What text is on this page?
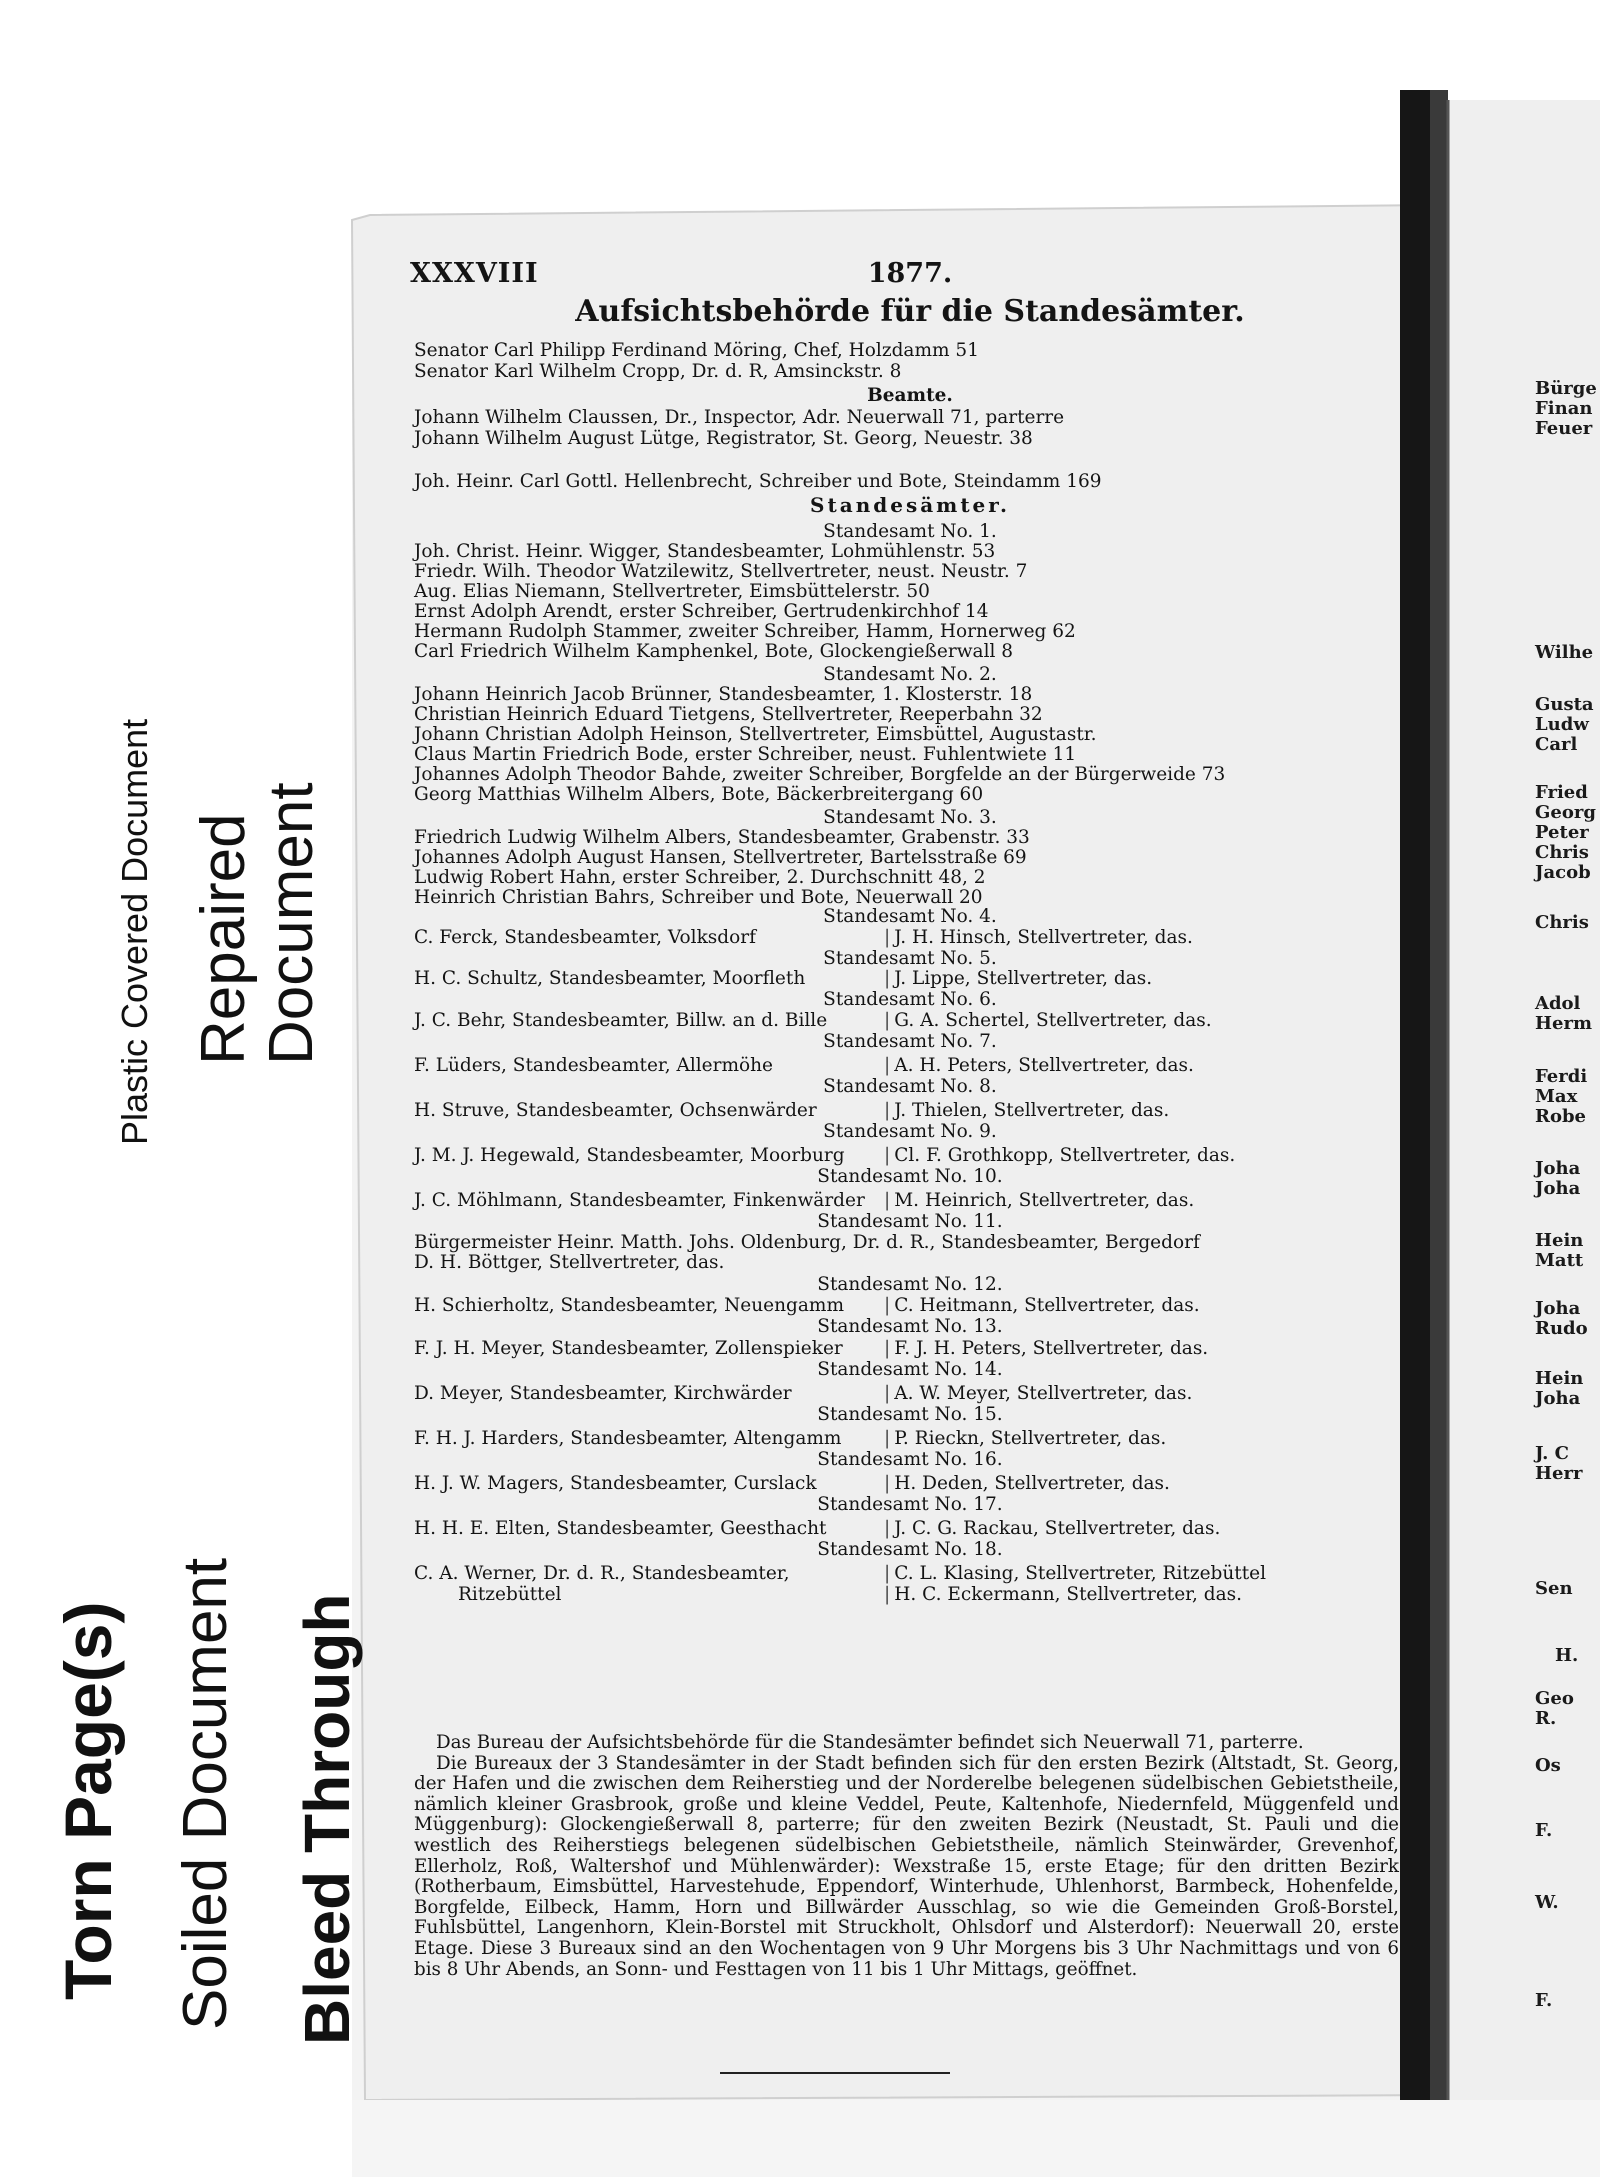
Plastic Covered Document Repaired Document
Torn Page(s) Soiled Document Bleed Through
XXXVIII	1877.
Aufsichtsbehörde für die Standesämter.
Senator Carl Philipp Ferdinand Möring, Chef, Holzdamm 51
Senator Karl Wilhelm Cropp, Dr. d. R, Amsinckstr. 8
Beamte.
Johann Wilhelm Claussen, Dr., Inspector, Adr. Neuerwall 71, parterre
Johann Wilhelm August Lütge, Registrator, St. Georg, Neuestr. 38
Joh. Heinr. Carl Gottl. Hellenbrecht, Schreiber und Bote, Steindamm 169
Standesämter.
Standesamt No. 1.
Joh. Christ. Heinr. Wigger, Standesbeamter, Lohmühlenstr. 53
Friedr. Wilh. Theodor Watzilewitz, Stellvertreter, neust. Neustr. 7
Aug. Elias Niemann, Stellvertreter, Eimsbüttelerstr. 50
Ernst Adolph Arendt, erster Schreiber, Gertrudenkirchhof 14
Hermann Rudolph Stammer, zweiter Schreiber, Hamm, Hornerweg 62
Carl Friedrich Wilhelm Kamphenkel, Bote, Glockengießerwall 8
Standesamt No. 2.
Johann Heinrich Jacob Brünner, Standesbeamter, 1. Klosterstr. 18
Christian Heinrich Eduard Tietgens, Stellvertreter, Reeperbahn 32
Johann Christian Adolph Heinson, Stellvertreter, Eimsbüttel, Augustastr.
Claus Martin Friedrich Bode, erster Schreiber, neust. Fuhlentwiete 11
Johannes Adolph Theodor Bahde, zweiter Schreiber, Borgfelde an der Bürgerweide 73
Georg Matthias Wilhelm Albers, Bote, Bäckerbreitergang 60
Standesamt No. 3.
Friedrich Ludwig Wilhelm Albers, Standesbeamter, Grabenstr. 33
Johannes Adolph August Hansen, Stellvertreter, Bartelsstraße 69
Ludwig Robert Hahn, erster Schreiber, 2. Durchschnitt 48, 2
Heinrich Christian Bahrs, Schreiber und Bote, Neuerwall 20
Standesamt No. 4.
C. Ferck, Standesbeamter, Volksdorf	| J. H. Hinsch, Stellvertreter, das.
Standesamt No. 5.
H. C. Schultz, Standesbeamter, Moorfleth	| J. Lippe, Stellvertreter, das.
Standesamt No. 6.
J. C. Behr, Standesbeamter, Billw. an d. Bille	| G. A. Schertel, Stellvertreter, das.
Standesamt No. 7.
F. Lüders, Standesbeamter, Allermöhe	| A. H. Peters, Stellvertreter, das.
Standesamt No. 8.
H. Struve, Standesbeamter, Ochsenwärder	| J. Thielen, Stellvertreter, das.
Standesamt No. 9.
J. M. J. Hegewald, Standesbeamter, Moorburg	| Cl. F. Grothkopp, Stellvertreter, das.
Standesamt No. 10.
J. C. Möhlmann, Standesbeamter, Finkenwärder	| M. Heinrich, Stellvertreter, das.
Standesamt No. 11.
Bürgermeister Heinr. Matth. Johs. Oldenburg, Dr. d. R., Standesbeamter, Bergedorf
D. H. Böttger, Stellvertreter, das.
Standesamt No. 12.
H. Schierholtz, Standesbeamter, Neuengamm	| C. Heitmann, Stellvertreter, das.
Standesamt No. 13.
F. J. H. Meyer, Standesbeamter, Zollenspieker	| F. J. H. Peters, Stellvertreter, das.
Standesamt No. 14.
D. Meyer, Standesbeamter, Kirchwärder	| A. W. Meyer, Stellvertreter, das.
Standesamt No. 15.
F. H. J. Harders, Standesbeamter, Altengamm	| P. Rieckn, Stellvertreter, das.
Standesamt No. 16.
H. J. W. Magers, Standesbeamter, Curslack	| H. Deden, Stellvertreter, das.
Standesamt No. 17.
H. H. E. Elten, Standesbeamter, Geesthacht	| J. C. G. Rackau, Stellvertreter, das.
Standesamt No. 18.
C. A. Werner, Dr. d. R., Standesbeamter,	| C. L. Klasing, Stellvertreter, Ritzebüttel
Ritzebüttel	| H. C. Eckermann, Stellvertreter, das.

Das Bureau der Aufsichtsbehörde für die Standesämter befindet sich Neuerwall 71, parterre.

Die Bureaux der 3 Standesämter in der Stadt befinden sich für den ersten Bezirk (Altstadt, St. Georg, der Hafen und die zwischen dem Reiherstieg und der Norderelbe belegenen südelbischen Gebietstheile, nämlich kleiner Grasbrook, große und kleine Veddel, Peute, Kaltenhofe, Niedernfeld, Müggenfeld und Müggenburg): Glockengießerwall 8, parterre; für den zweiten Bezirk (Neustadt, St. Pauli und die westlich des Reiherstiegs belegenen südelbischen Gebietstheile, nämlich Steinwärder, Grevenhof, Ellerholz, Roß, Waltershof und Mühlenwärder): Wexstraße 15, erste Etage; für den dritten Bezirk (Rotherbaum, Eimsbüttel, Harvestehude, Eppendorf, Winterhude, Uhlenhorst, Barmbeck, Hohenfelde, Borgfelde, Eilbeck, Hamm, Horn und Billwärder Ausschlag, so wie die Gemeinden Groß-Borstel, Fuhlsbüttel, Langenhorn, Klein-Borstel mit Struckholt, Ohlsdorf und Alsterdorf): Neuerwall 20, erste Etage. Diese 3 Bureaux sind an den Wochentagen von 9 Uhr Morgens bis 3 Uhr Nachmittags und von 6 bis 8 Uhr Abends, an Sonn- und Festtagen von 11 bis 1 Uhr Mittags, geöffnet.

Bürge
Finan
Feuer
Wilhe
Gusta
Ludw
Carl
Fried
Georg
Peter
Chris
Jacob
Chris
Adol
Herm
Ferdi
Max
Robe
Joha
Joha
Hein
Matt
Joha
Rudo
Hein
Joha
J. C
Herr
Sen
H.
Geo
R.
Os
F.
W.
F.
